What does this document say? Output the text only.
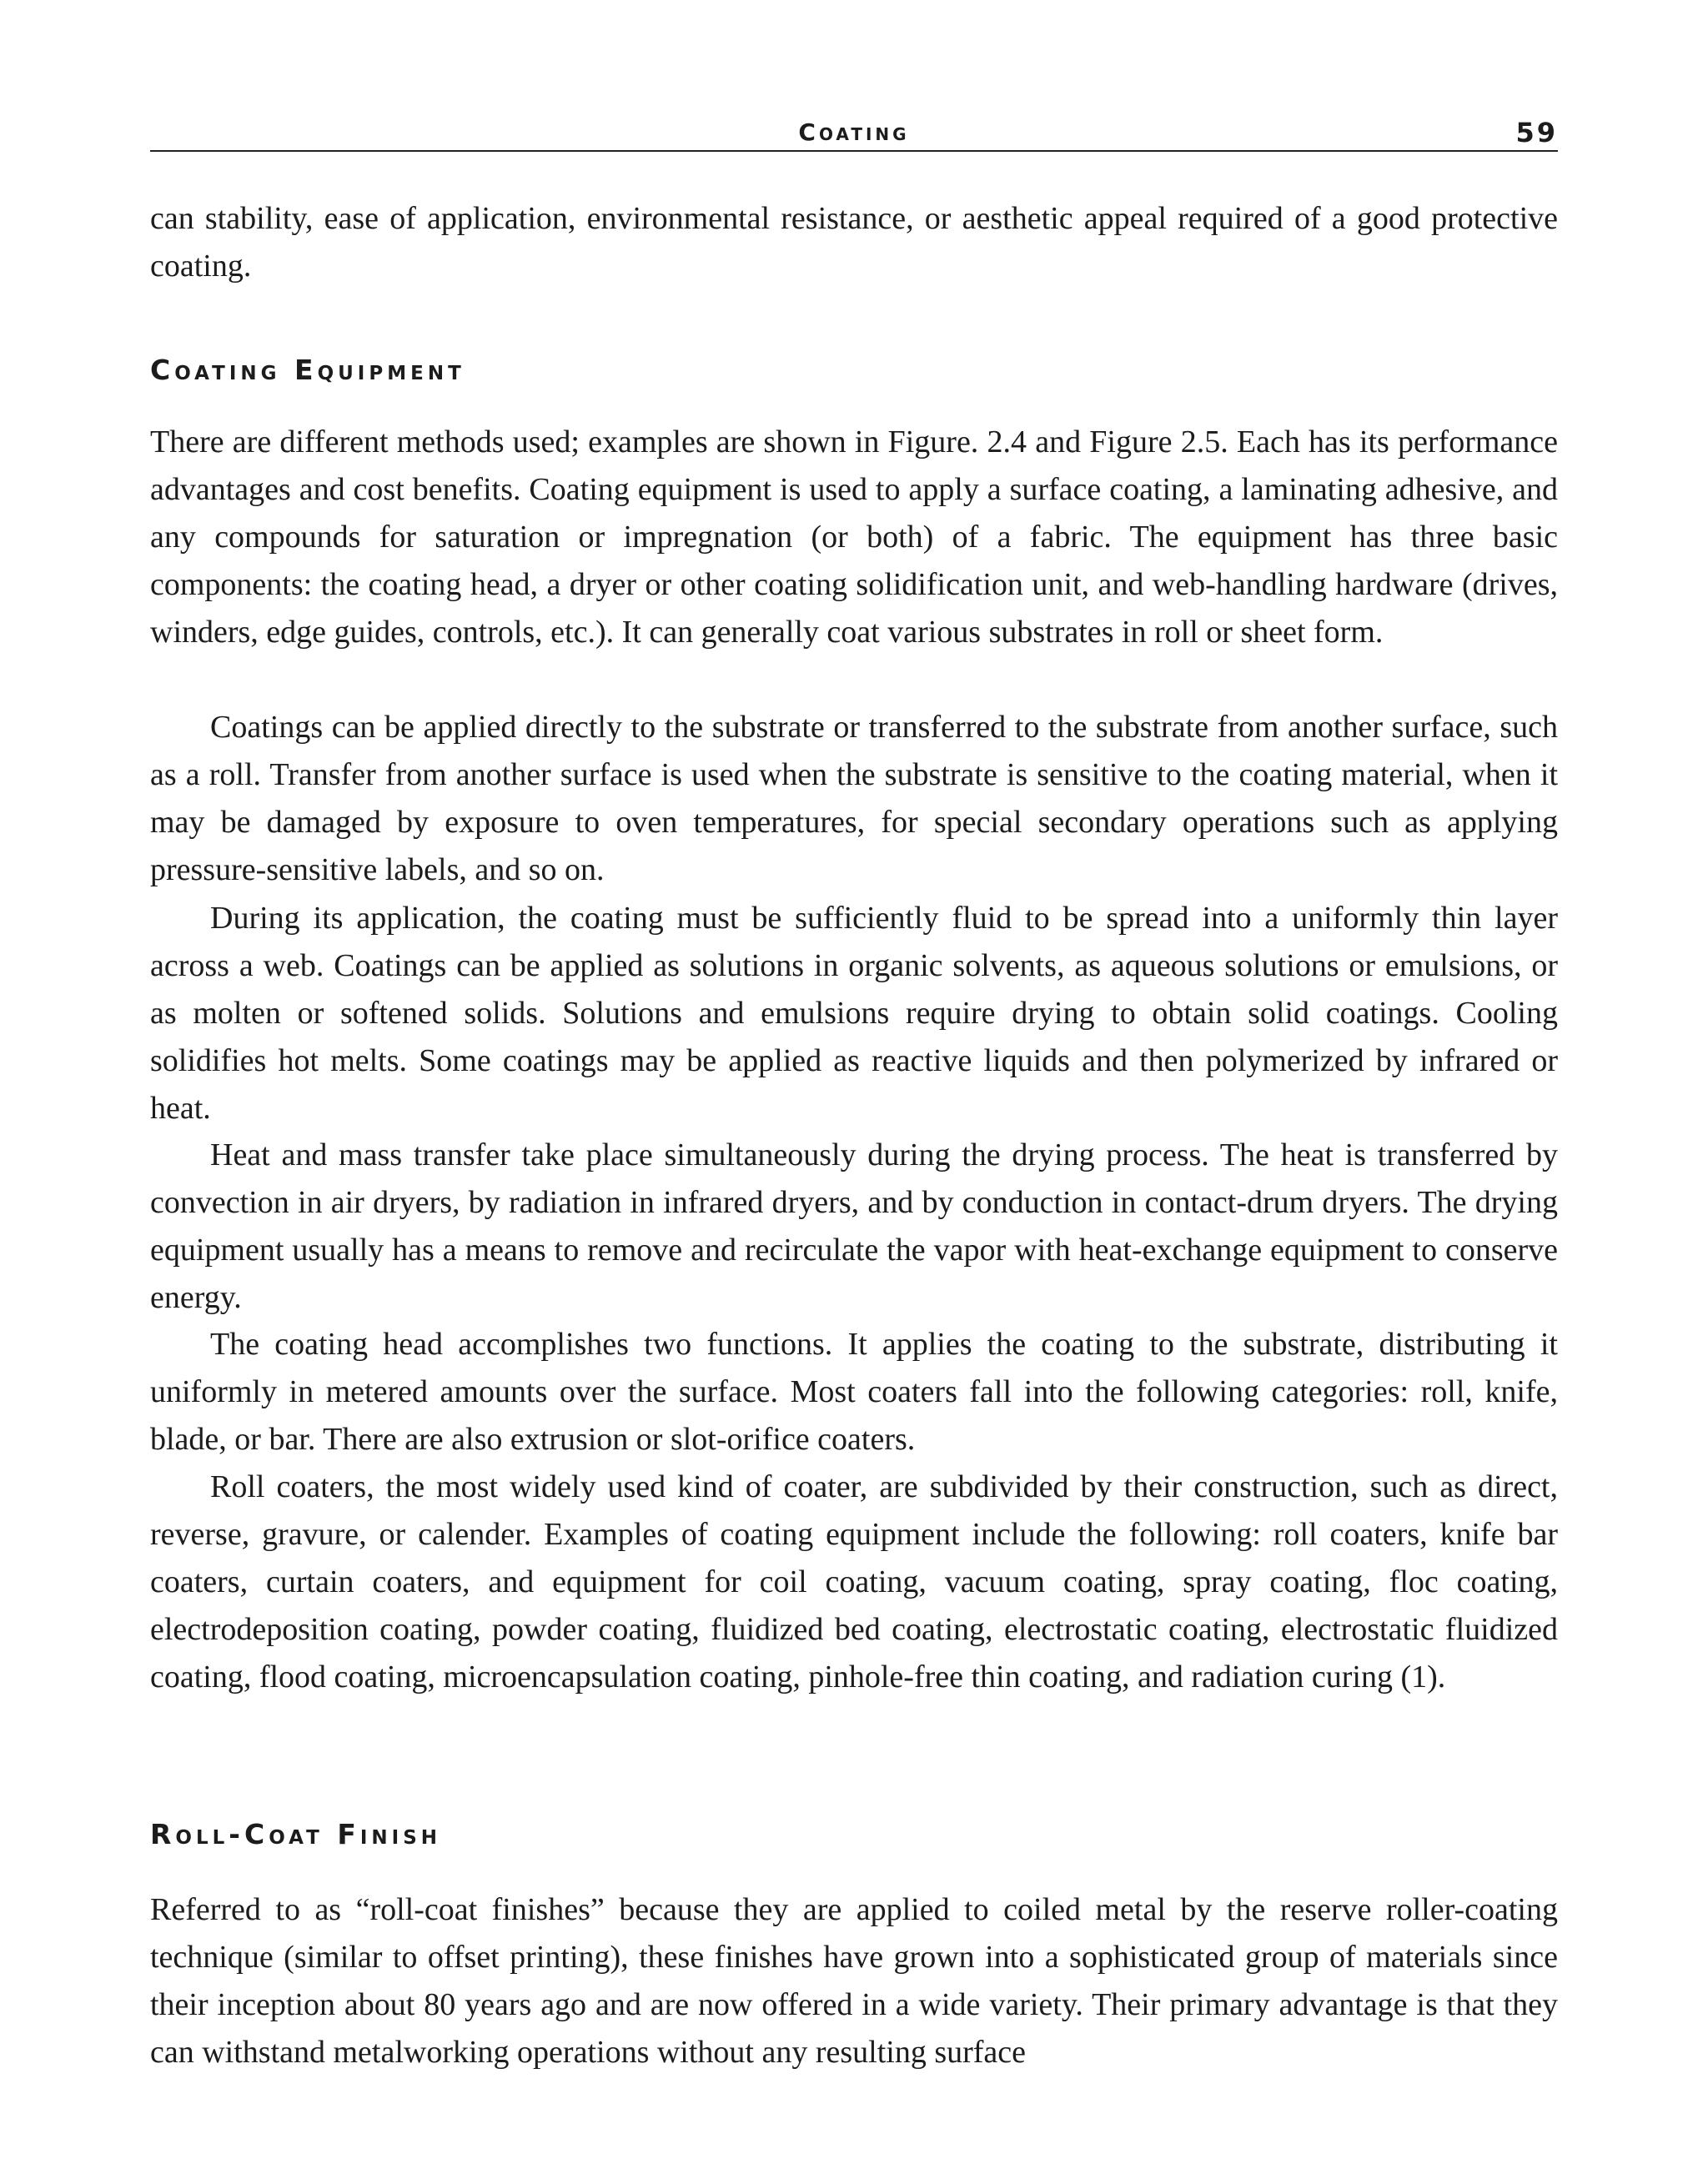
Coating	59

can stability, ease of application, environmental resistance, or aesthetic appeal required of a good protective coating.

Coating Equipment

There are different methods used; examples are shown in Figure. 2.4 and Figure 2.5. Each has its performance advantages and cost benefits. Coating equipment is used to apply a surface coating, a laminating adhesive, and any compounds for saturation or impregnation (or both) of a fabric. The equipment has three basic components: the coating head, a dryer or other coating solidification unit, and web-handling hardware (drives, winders, edge guides, controls, etc.). It can generally coat various substrates in roll or sheet form.

Coatings can be applied directly to the substrate or transferred to the substrate from another surface, such as a roll. Transfer from another surface is used when the substrate is sensitive to the coating material, when it may be damaged by exposure to oven temperatures, for special secondary operations such as applying pressure-sensitive labels, and so on.

During its application, the coating must be sufficiently fluid to be spread into a uniformly thin layer across a web. Coatings can be applied as solutions in organic solvents, as aqueous solutions or emulsions, or as molten or softened solids. Solutions and emulsions require drying to obtain solid coatings. Cooling solidifies hot melts. Some coatings may be applied as reactive liquids and then polymerized by infrared or heat.

Heat and mass transfer take place simultaneously during the drying process. The heat is transferred by convection in air dryers, by radiation in infrared dryers, and by conduction in contact-drum dryers. The drying equipment usually has a means to remove and recirculate the vapor with heat-exchange equipment to conserve energy.

The coating head accomplishes two functions. It applies the coating to the substrate, distributing it uniformly in metered amounts over the surface. Most coaters fall into the following categories: roll, knife, blade, or bar. There are also extrusion or slot-orifice coaters.

Roll coaters, the most widely used kind of coater, are subdivided by their construction, such as direct, reverse, gravure, or calender. Examples of coating equipment include the following: roll coaters, knife bar coaters, curtain coaters, and equipment for coil coating, vacuum coating, spray coating, floc coating, electrodeposition coating, powder coating, fluidized bed coating, electrostatic coating, electrostatic fluidized coating, flood coating, microencapsulation coating, pinhole-free thin coating, and radiation curing (1).

Roll-Coat Finish

Referred to as “roll-coat finishes” because they are applied to coiled metal by the reserve roller-coating technique (similar to offset printing), these finishes have grown into a sophisticated group of materials since their inception about 80 years ago and are now offered in a wide variety. Their primary advantage is that they can withstand metalworking operations without any resulting surface
